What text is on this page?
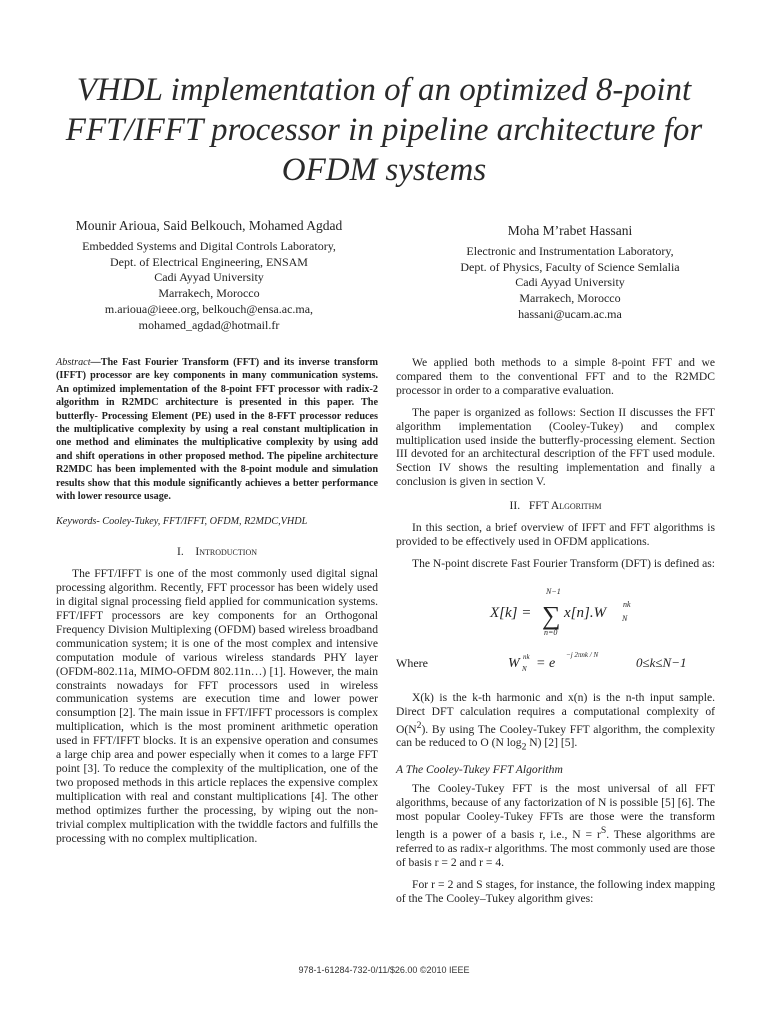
VHDL implementation of an optimized 8-point FFT/IFFT processor in pipeline architecture for OFDM systems
Mounir Arioua, Said Belkouch, Mohamed Agdad
Embedded Systems and Digital Controls Laboratory,
Dept. of Electrical Engineering, ENSAM
Cadi Ayyad University
Marrakech, Morocco
m.arioua@ieee.org, belkouch@ensa.ac.ma,
mohamed_agdad@hotmail.fr
Moha M’rabet Hassani
Electronic and Instrumentation Laboratory,
Dept. of Physics, Faculty of Science Semlalia
Cadi Ayyad University
Marrakech, Morocco
hassani@ucam.ac.ma

Abstract—The Fast Fourier Transform (FFT) and its inverse transform (IFFT) processor are key components in many communication systems. An optimized implementation of the 8-point FFT processor with radix-2 algorithm in R2MDC architecture is presented in this paper. The butterfly- Processing Element (PE) used in the 8-FFT processor reduces the multiplicative complexity by using a real constant multiplication in one method and eliminates the multiplicative complexity by using add and shift operations in other proposed method. The pipeline architecture R2MDC has been implemented with the 8-point module and simulation results show that this module significantly achieves a better performance with lower resource usage.

Keywords- Cooley-Tukey, FFT/IFFT, OFDM, R2MDC,VHDL

I. Introduction

The FFT/IFFT is one of the most commonly used digital signal processing algorithm. Recently, FFT processor has been widely used in digital signal processing field applied for communication systems. FFT/IFFT processors are key components for an Orthogonal Frequency Division Multiplexing (OFDM) based wireless broadband communication system; it is one of the most complex and intensive computation module of various wireless standards PHY layer (OFDM-802.11a, MIMO-OFDM 802.11n…) [1]. However, the main constraints nowadays for FFT processors used in wireless communication systems are execution time and lower power consumption [2]. The main issue in FFT/IFFT processors is complex multiplication, which is the most prominent arithmetic operation used in FFT/IFFT blocks. It is an expensive operation and consumes a large chip area and power especially when it comes to a large FFT point [3]. To reduce the complexity of the multiplication, one of the two proposed methods in this article replaces the expensive complex multiplication with real and constant multiplications [4]. The other method optimizes further the processing, by wiping out the non-trivial complex multiplication with the twiddle factors and fulfills the processing with no complex multiplication.

We applied both methods to a simple 8-point FFT and we compared them to the conventional FFT and to the R2MDC processor in order to a comparative evaluation.

The paper is organized as follows: Section II discusses the FFT algorithm implementation (Cooley-Tukey) and complex multiplication used inside the butterfly-processing element. Section III devoted for an architectural description of the FFT used module. Section IV shows the resulting implementation and finally a conclusion is given in section V.

II. FFT Algorithm

In this section, a brief overview of IFFT and FFT algorithms is provided to be effectively used in OFDM applications.

The N-point discrete Fast Fourier Transform (DFT) is defined as:

X[k] =
N−1
∑
n=0
x[n].W N
nk
Where	W N
nk = e
−j 2πnk / N	0≤k≤N−1

X(k) is the k-th harmonic and x(n) is the n-th input sample. Direct DFT calculation requires a computational complexity of $O(N^2)$. By using The Cooley-Tukey FFT algorithm, the complexity can be reduced to O (N $\log_2 N$) [2] [5].

A The Cooley-Tukey FFT Algorithm

The Cooley-Tukey FFT is the most universal of all FFT algorithms, because of any factorization of N is possible [5] [6]. The most popular Cooley-Tukey FFTs are those were the transform length is a power of a basis r, i.e., $N = r^S$. These algorithms are referred to as radix-r algorithms. The most commonly used are those of basis r = 2 and r = 4.

For r = 2 and S stages, for instance, the following index mapping of the The Cooley–Tukey algorithm gives:

978-1-61284-732-0/11/$26.00 ©2010 IEEE
